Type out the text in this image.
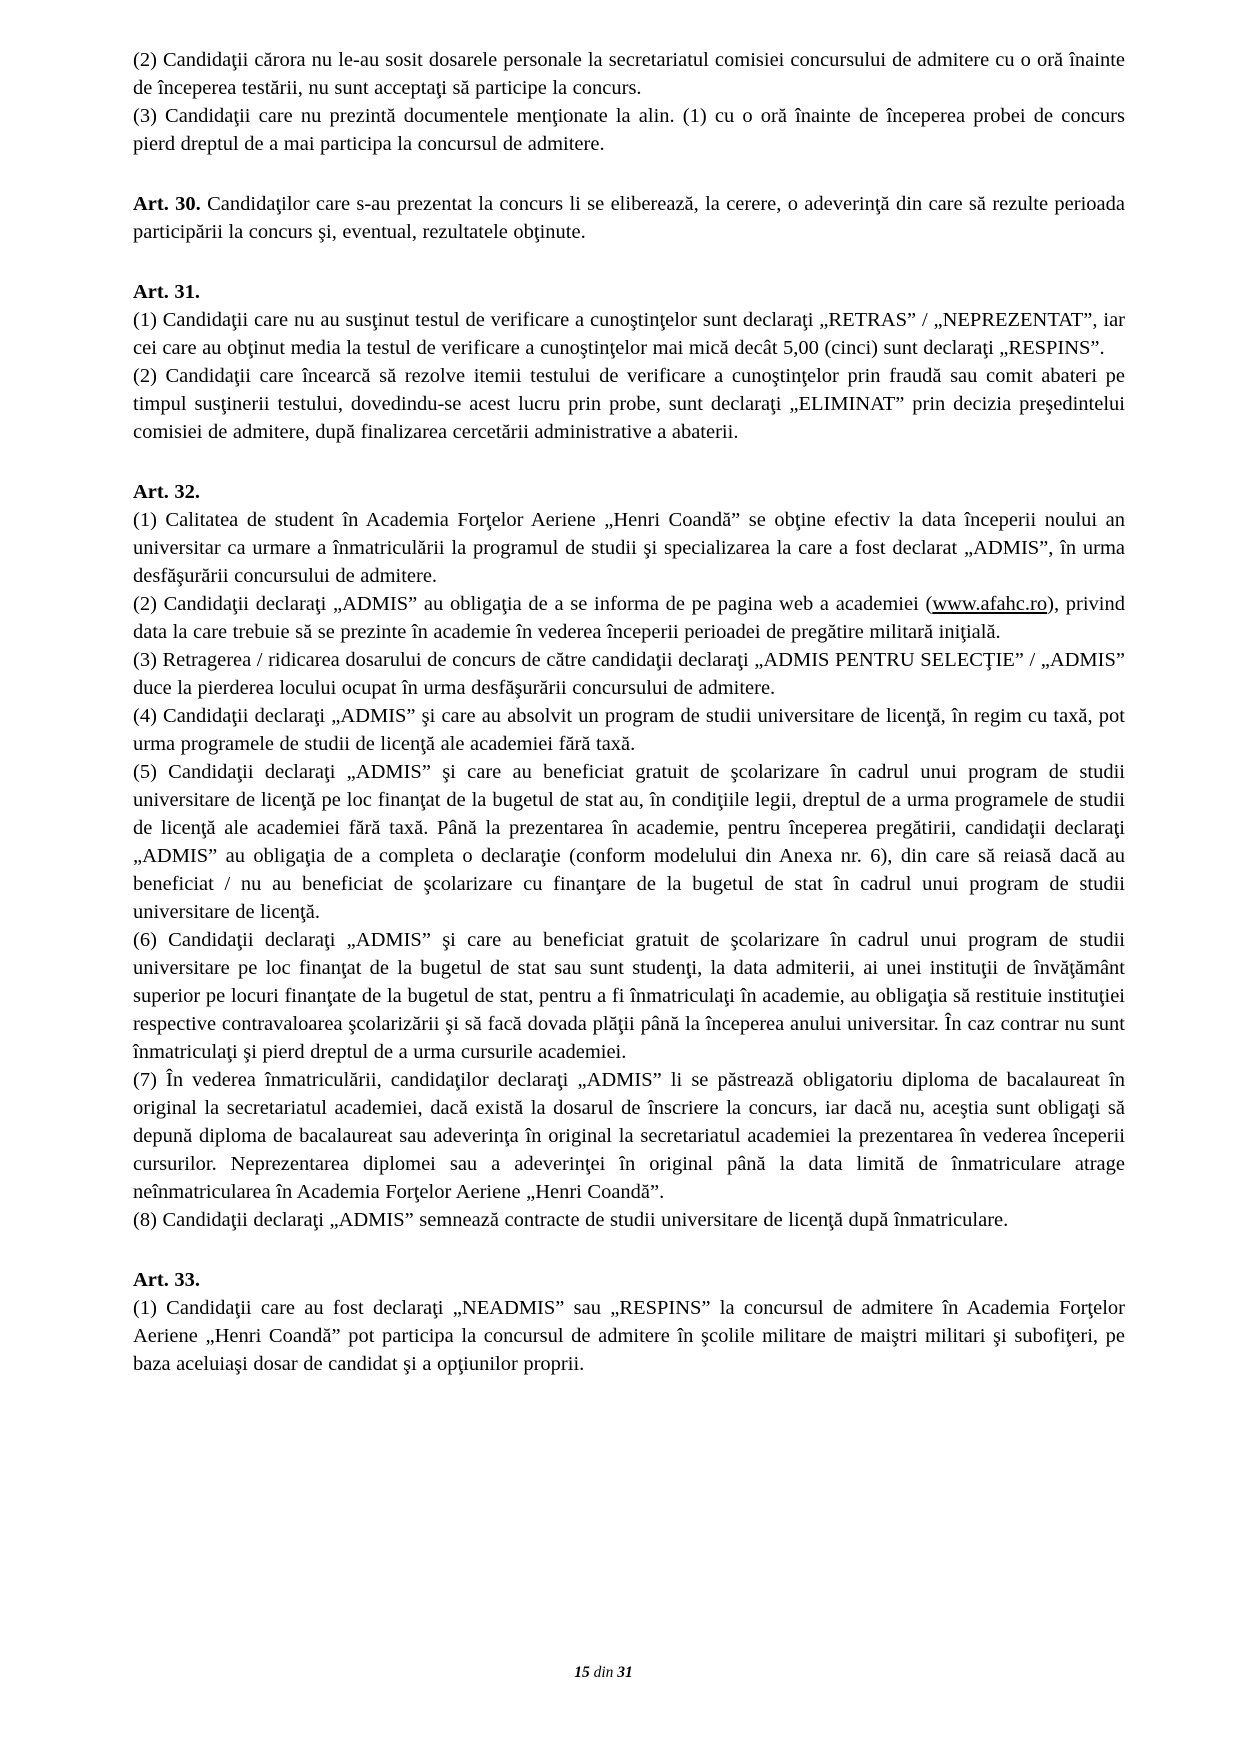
(2) Candidaţii cărora nu le-au sosit dosarele personale la secretariatul comisiei concursului de admitere cu o oră înainte de începerea testării, nu sunt acceptaţi să participe la concurs.

(3) Candidaţii care nu prezintă documentele menţionate la alin. (1) cu o oră înainte de începerea probei de concurs pierd dreptul de a mai participa la concursul de admitere.

Art. 30. Candidaţilor care s-au prezentat la concurs li se eliberează, la cerere, o adeverinţă din care să rezulte perioada participării la concurs şi, eventual, rezultatele obţinute.

Art. 31.

(1) Candidaţii care nu au susţinut testul de verificare a cunoştinţelor sunt declaraţi „RETRAS” / „NEPREZENTAT”, iar cei care au obţinut media la testul de verificare a cunoştinţelor mai mică decât 5,00 (cinci) sunt declaraţi „RESPINS”.

(2) Candidaţii care încearcă să rezolve itemii testului de verificare a cunoştinţelor prin fraudă sau comit abateri pe timpul susţinerii testului, dovedindu-se acest lucru prin probe, sunt declaraţi „ELIMINAT” prin decizia preşedintelui comisiei de admitere, după finalizarea cercetării administrative a abaterii.

Art. 32.

(1) Calitatea de student în Academia Forţelor Aeriene „Henri Coandă” se obţine efectiv la data începerii noului an universitar ca urmare a înmatriculării la programul de studii şi specializarea la care a fost declarat „ADMIS”, în urma desfăşurării concursului de admitere.

(2) Candidaţii declaraţi „ADMIS” au obligaţia de a se informa de pe pagina web a academiei (www.afahc.ro), privind data la care trebuie să se prezinte în academie în vederea începerii perioadei de pregătire militară iniţială.

(3) Retragerea / ridicarea dosarului de concurs de către candidaţii declaraţi „ADMIS PENTRU SELECŢIE” / „ADMIS” duce la pierderea locului ocupat în urma desfăşurării concursului de admitere.

(4) Candidaţii declaraţi „ADMIS” şi care au absolvit un program de studii universitare de licenţă, în regim cu taxă, pot urma programele de studii de licenţă ale academiei fără taxă.

(5) Candidaţii declaraţi „ADMIS” şi care au beneficiat gratuit de şcolarizare în cadrul unui program de studii universitare de licenţă pe loc finanţat de la bugetul de stat au, în condiţiile legii, dreptul de a urma programele de studii de licenţă ale academiei fără taxă. Până la prezentarea în academie, pentru începerea pregătirii, candidaţii declaraţi „ADMIS” au obligaţia de a completa o declaraţie (conform modelului din Anexa nr. 6), din care să reiasă dacă au beneficiat / nu au beneficiat de şcolarizare cu finanţare de la bugetul de stat în cadrul unui program de studii universitare de licenţă.

(6) Candidaţii declaraţi „ADMIS” şi care au beneficiat gratuit de şcolarizare în cadrul unui program de studii universitare pe loc finanţat de la bugetul de stat sau sunt studenţi, la data admiterii, ai unei instituţii de învăţământ superior pe locuri finanţate de la bugetul de stat, pentru a fi înmatriculaţi în academie, au obligaţia să restituie instituţiei respective contravaloarea şcolarizării şi să facă dovada plăţii până la începerea anului universitar. În caz contrar nu sunt înmatriculaţi şi pierd dreptul de a urma cursurile academiei.

(7) În vederea înmatriculării, candidaţilor declaraţi „ADMIS” li se păstrează obligatoriu diploma de bacalaureat în original la secretariatul academiei, dacă există la dosarul de înscriere la concurs, iar dacă nu, aceştia sunt obligaţi să depună diploma de bacalaureat sau adeverinţa în original la secretariatul academiei la prezentarea în vederea începerii cursurilor. Neprezentarea diplomei sau a adeverinţei în original până la data limită de înmatriculare atrage neînmatricularea în Academia Forţelor Aeriene „Henri Coandă”.

(8) Candidaţii declaraţi „ADMIS” semnează contracte de studii universitare de licenţă după înmatriculare.

Art. 33.

(1) Candidaţii care au fost declaraţi „NEADMIS” sau „RESPINS” la concursul de admitere în Academia Forţelor Aeriene „Henri Coandă” pot participa la concursul de admitere în şcolile militare de maiştri militari şi subofiţeri, pe baza aceluiaşi dosar de candidat şi a opţiunilor proprii.

15 din 31
